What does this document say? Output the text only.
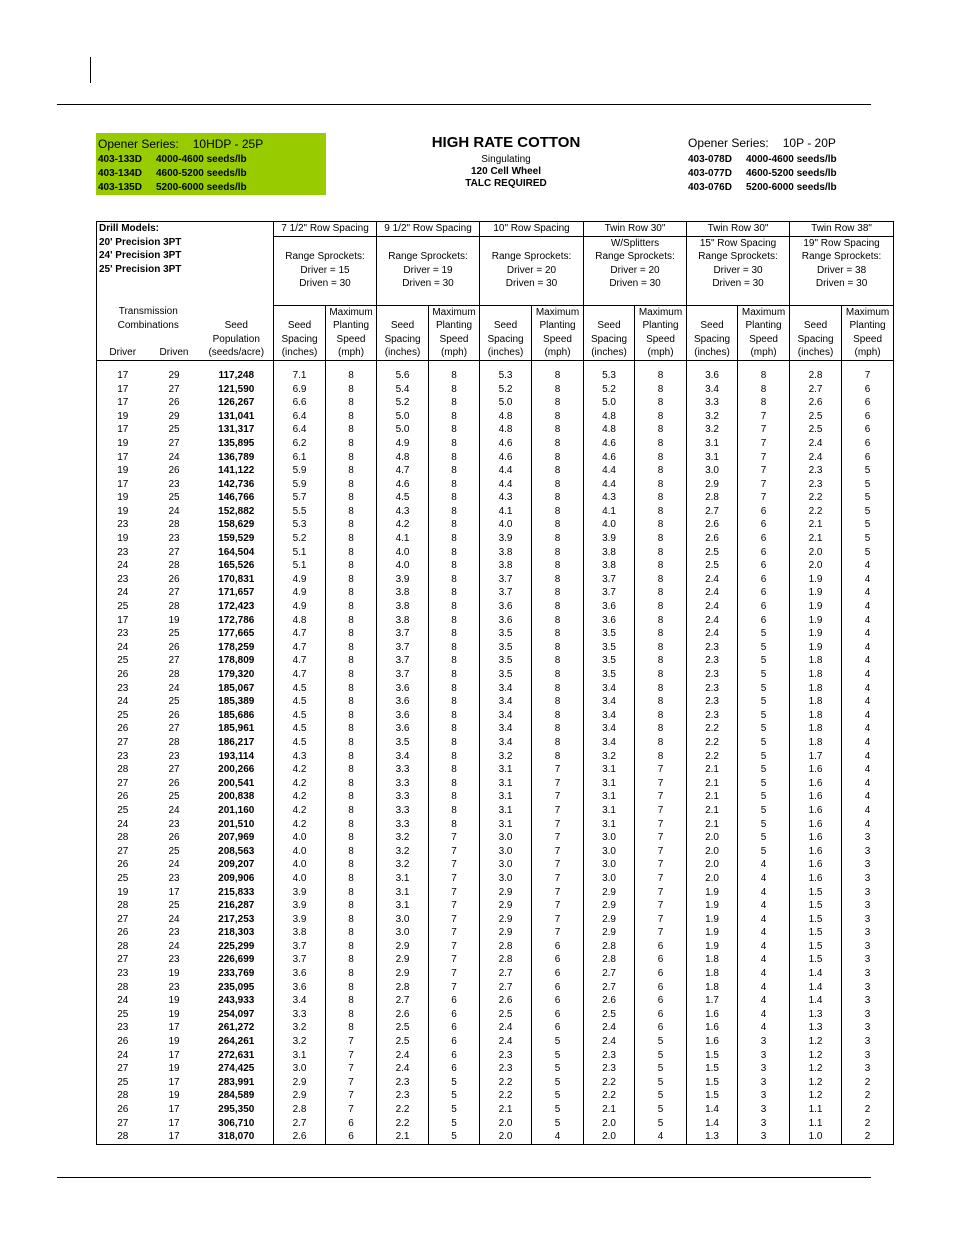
Opener Series: 10HDP - 25P
403-133D 4000-4600 seeds/lb
403-134D 4600-5200 seeds/lb
403-135D 5200-6000 seeds/lb
HIGH RATE COTTON
Singulating
120 Cell Wheel
TALC REQUIRED
Opener Series: 10P - 20P
403-078D 4000-4600 seeds/lb
403-077D 4600-5200 seeds/lb
403-076D 5200-6000 seeds/lb
Drill Models:
20' Precision 3PT
24' Precision 3PT
25' Precision 3PT			7 1/2" Row Spacing		9 1/2" Row Spacing		10" Row Spacing		Twin Row 30"		Twin Row 30"		Twin Row 38"	
									W/Splitters		15" Row Spacing		19" Row Spacing	
			Range Sprockets:		Range Sprockets:		Range Sprockets:		Range Sprockets:		Range Sprockets:		Range Sprockets:	
			Driver = 15		Driver = 19		Driver = 20		Driver = 20		Driver = 30		Driver = 38	
			Driven = 30		Driven = 30		Driven = 30		Driven = 30		Driven = 30		Driven = 30	

Transmission				Maximum		Maximum		Maximum		Maximum		Maximum		Maximum
Combinations		Seed	Seed	Planting	Seed	Planting	Seed	Planting	Seed	Planting	Seed	Planting	Seed	Planting
		Population	Spacing	Speed	Spacing	Speed	Spacing	Speed	Spacing	Speed	Spacing	Speed	Spacing	Speed
Driver	Driven	(seeds/acre)	(inches)	(mph)	(inches)	(mph)	(inches)	(mph)	(inches)	(mph)	(inches)	(mph)	(inches)	(mph)

17	29	117,248	7.1	8	5.6	8	5.3	8	5.3	8	3.6	8	2.8	7
17	27	121,590	6.9	8	5.4	8	5.2	8	5.2	8	3.4	8	2.7	6
17	26	126,267	6.6	8	5.2	8	5.0	8	5.0	8	3.3	8	2.6	6
19	29	131,041	6.4	8	5.0	8	4.8	8	4.8	8	3.2	7	2.5	6
17	25	131,317	6.4	8	5.0	8	4.8	8	4.8	8	3.2	7	2.5	6
19	27	135,895	6.2	8	4.9	8	4.6	8	4.6	8	3.1	7	2.4	6
17	24	136,789	6.1	8	4.8	8	4.6	8	4.6	8	3.1	7	2.4	6
19	26	141,122	5.9	8	4.7	8	4.4	8	4.4	8	3.0	7	2.3	5
17	23	142,736	5.9	8	4.6	8	4.4	8	4.4	8	2.9	7	2.3	5
19	25	146,766	5.7	8	4.5	8	4.3	8	4.3	8	2.8	7	2.2	5
19	24	152,882	5.5	8	4.3	8	4.1	8	4.1	8	2.7	6	2.2	5
23	28	158,629	5.3	8	4.2	8	4.0	8	4.0	8	2.6	6	2.1	5
19	23	159,529	5.2	8	4.1	8	3.9	8	3.9	8	2.6	6	2.1	5
23	27	164,504	5.1	8	4.0	8	3.8	8	3.8	8	2.5	6	2.0	5
24	28	165,526	5.1	8	4.0	8	3.8	8	3.8	8	2.5	6	2.0	4
23	26	170,831	4.9	8	3.9	8	3.7	8	3.7	8	2.4	6	1.9	4
24	27	171,657	4.9	8	3.8	8	3.7	8	3.7	8	2.4	6	1.9	4
25	28	172,423	4.9	8	3.8	8	3.6	8	3.6	8	2.4	6	1.9	4
17	19	172,786	4.8	8	3.8	8	3.6	8	3.6	8	2.4	6	1.9	4
23	25	177,665	4.7	8	3.7	8	3.5	8	3.5	8	2.4	5	1.9	4
24	26	178,259	4.7	8	3.7	8	3.5	8	3.5	8	2.3	5	1.9	4
25	27	178,809	4.7	8	3.7	8	3.5	8	3.5	8	2.3	5	1.8	4
26	28	179,320	4.7	8	3.7	8	3.5	8	3.5	8	2.3	5	1.8	4
23	24	185,067	4.5	8	3.6	8	3.4	8	3.4	8	2.3	5	1.8	4
24	25	185,389	4.5	8	3.6	8	3.4	8	3.4	8	2.3	5	1.8	4
25	26	185,686	4.5	8	3.6	8	3.4	8	3.4	8	2.3	5	1.8	4
26	27	185,961	4.5	8	3.6	8	3.4	8	3.4	8	2.2	5	1.8	4
27	28	186,217	4.5	8	3.5	8	3.4	8	3.4	8	2.2	5	1.8	4
23	23	193,114	4.3	8	3.4	8	3.2	8	3.2	8	2.2	5	1.7	4
28	27	200,266	4.2	8	3.3	8	3.1	7	3.1	7	2.1	5	1.6	4
27	26	200,541	4.2	8	3.3	8	3.1	7	3.1	7	2.1	5	1.6	4
26	25	200,838	4.2	8	3.3	8	3.1	7	3.1	7	2.1	5	1.6	4
25	24	201,160	4.2	8	3.3	8	3.1	7	3.1	7	2.1	5	1.6	4
24	23	201,510	4.2	8	3.3	8	3.1	7	3.1	7	2.1	5	1.6	4
28	26	207,969	4.0	8	3.2	7	3.0	7	3.0	7	2.0	5	1.6	3
27	25	208,563	4.0	8	3.2	7	3.0	7	3.0	7	2.0	5	1.6	3
26	24	209,207	4.0	8	3.2	7	3.0	7	3.0	7	2.0	4	1.6	3
25	23	209,906	4.0	8	3.1	7	3.0	7	3.0	7	2.0	4	1.6	3
19	17	215,833	3.9	8	3.1	7	2.9	7	2.9	7	1.9	4	1.5	3
28	25	216,287	3.9	8	3.1	7	2.9	7	2.9	7	1.9	4	1.5	3
27	24	217,253	3.9	8	3.0	7	2.9	7	2.9	7	1.9	4	1.5	3
26	23	218,303	3.8	8	3.0	7	2.9	7	2.9	7	1.9	4	1.5	3
28	24	225,299	3.7	8	2.9	7	2.8	6	2.8	6	1.9	4	1.5	3
27	23	226,699	3.7	8	2.9	7	2.8	6	2.8	6	1.8	4	1.5	3
23	19	233,769	3.6	8	2.9	7	2.7	6	2.7	6	1.8	4	1.4	3
28	23	235,095	3.6	8	2.8	7	2.7	6	2.7	6	1.8	4	1.4	3
24	19	243,933	3.4	8	2.7	6	2.6	6	2.6	6	1.7	4	1.4	3
25	19	254,097	3.3	8	2.6	6	2.5	6	2.5	6	1.6	4	1.3	3
23	17	261,272	3.2	8	2.5	6	2.4	6	2.4	6	1.6	4	1.3	3
26	19	264,261	3.2	7	2.5	6	2.4	5	2.4	5	1.6	3	1.2	3
24	17	272,631	3.1	7	2.4	6	2.3	5	2.3	5	1.5	3	1.2	3
27	19	274,425	3.0	7	2.4	6	2.3	5	2.3	5	1.5	3	1.2	3
25	17	283,991	2.9	7	2.3	5	2.2	5	2.2	5	1.5	3	1.2	2
28	19	284,589	2.9	7	2.3	5	2.2	5	2.2	5	1.5	3	1.2	2
26	17	295,350	2.8	7	2.2	5	2.1	5	2.1	5	1.4	3	1.1	2
27	17	306,710	2.7	6	2.2	5	2.0	5	2.0	5	1.4	3	1.1	2
28	17	318,070	2.6	6	2.1	5	2.0	4	2.0	4	1.3	3	1.0	2
